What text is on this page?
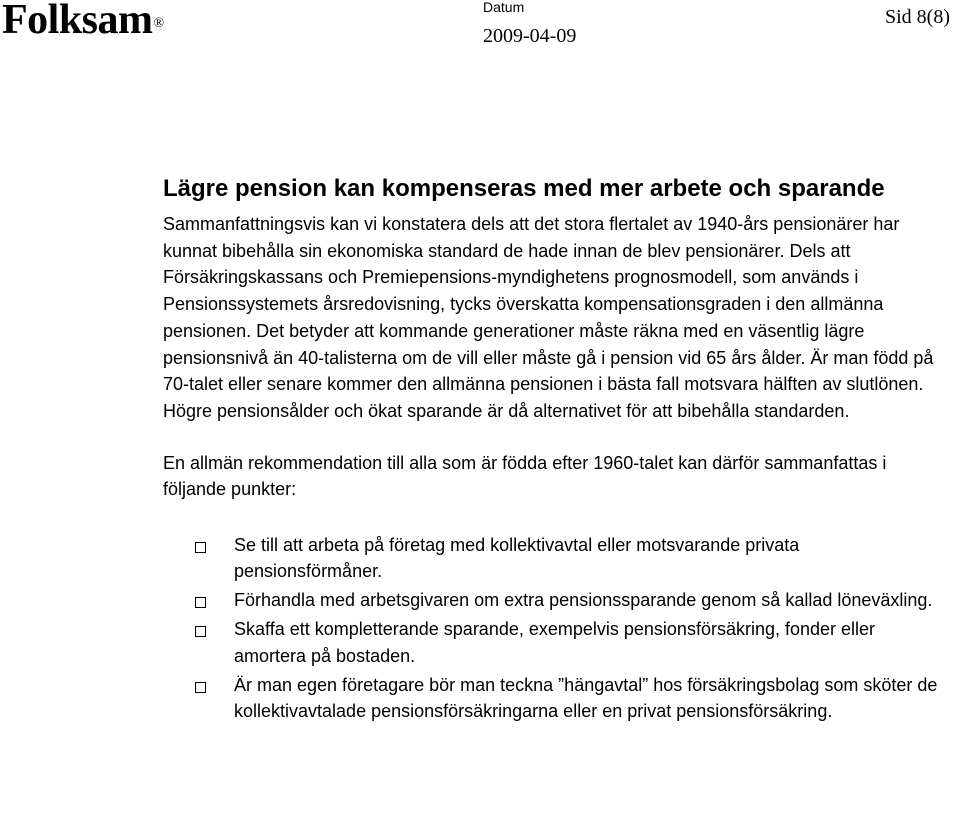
Folksam®
Datum
2009-04-09
Sid 8(8)
Lägre pension kan kompenseras med mer arbete och sparande

Sammanfattningsvis kan vi konstatera dels att det stora flertalet av 1940-års pensionärer har kunnat bibehålla sin ekonomiska standard de hade innan de blev pensionärer. Dels att Försäkringskassans och Premiepensions-myndighetens prognosmodell, som används i Pensionssystemets årsredovisning, tycks överskatta kompensationsgraden i den allmänna pensionen. Det betyder att kommande generationer måste räkna med en väsentlig lägre pensionsnivå än 40-talisterna om de vill eller måste gå i pension vid 65 års ålder. Är man född på 70-talet eller senare kommer den allmänna pensionen i bästa fall motsvara hälften av slutlönen. Högre pensionsålder och ökat sparande är då alternativet för att bibehålla standarden.

En allmän rekommendation till alla som är födda efter 1960-talet kan därför sammanfattas i följande punkter:

Se till att arbeta på företag med kollektivavtal eller motsvarande privata pensionsförmåner.
Förhandla med arbetsgivaren om extra pensionssparande genom så kallad löneväxling.
Skaffa ett kompletterande sparande, exempelvis pensionsförsäkring, fonder eller amortera på bostaden.
Är man egen företagare bör man teckna ”hängavtal” hos försäkringsbolag som sköter de kollektivavtalade pensionsförsäkringarna eller en privat pensionsförsäkring.
